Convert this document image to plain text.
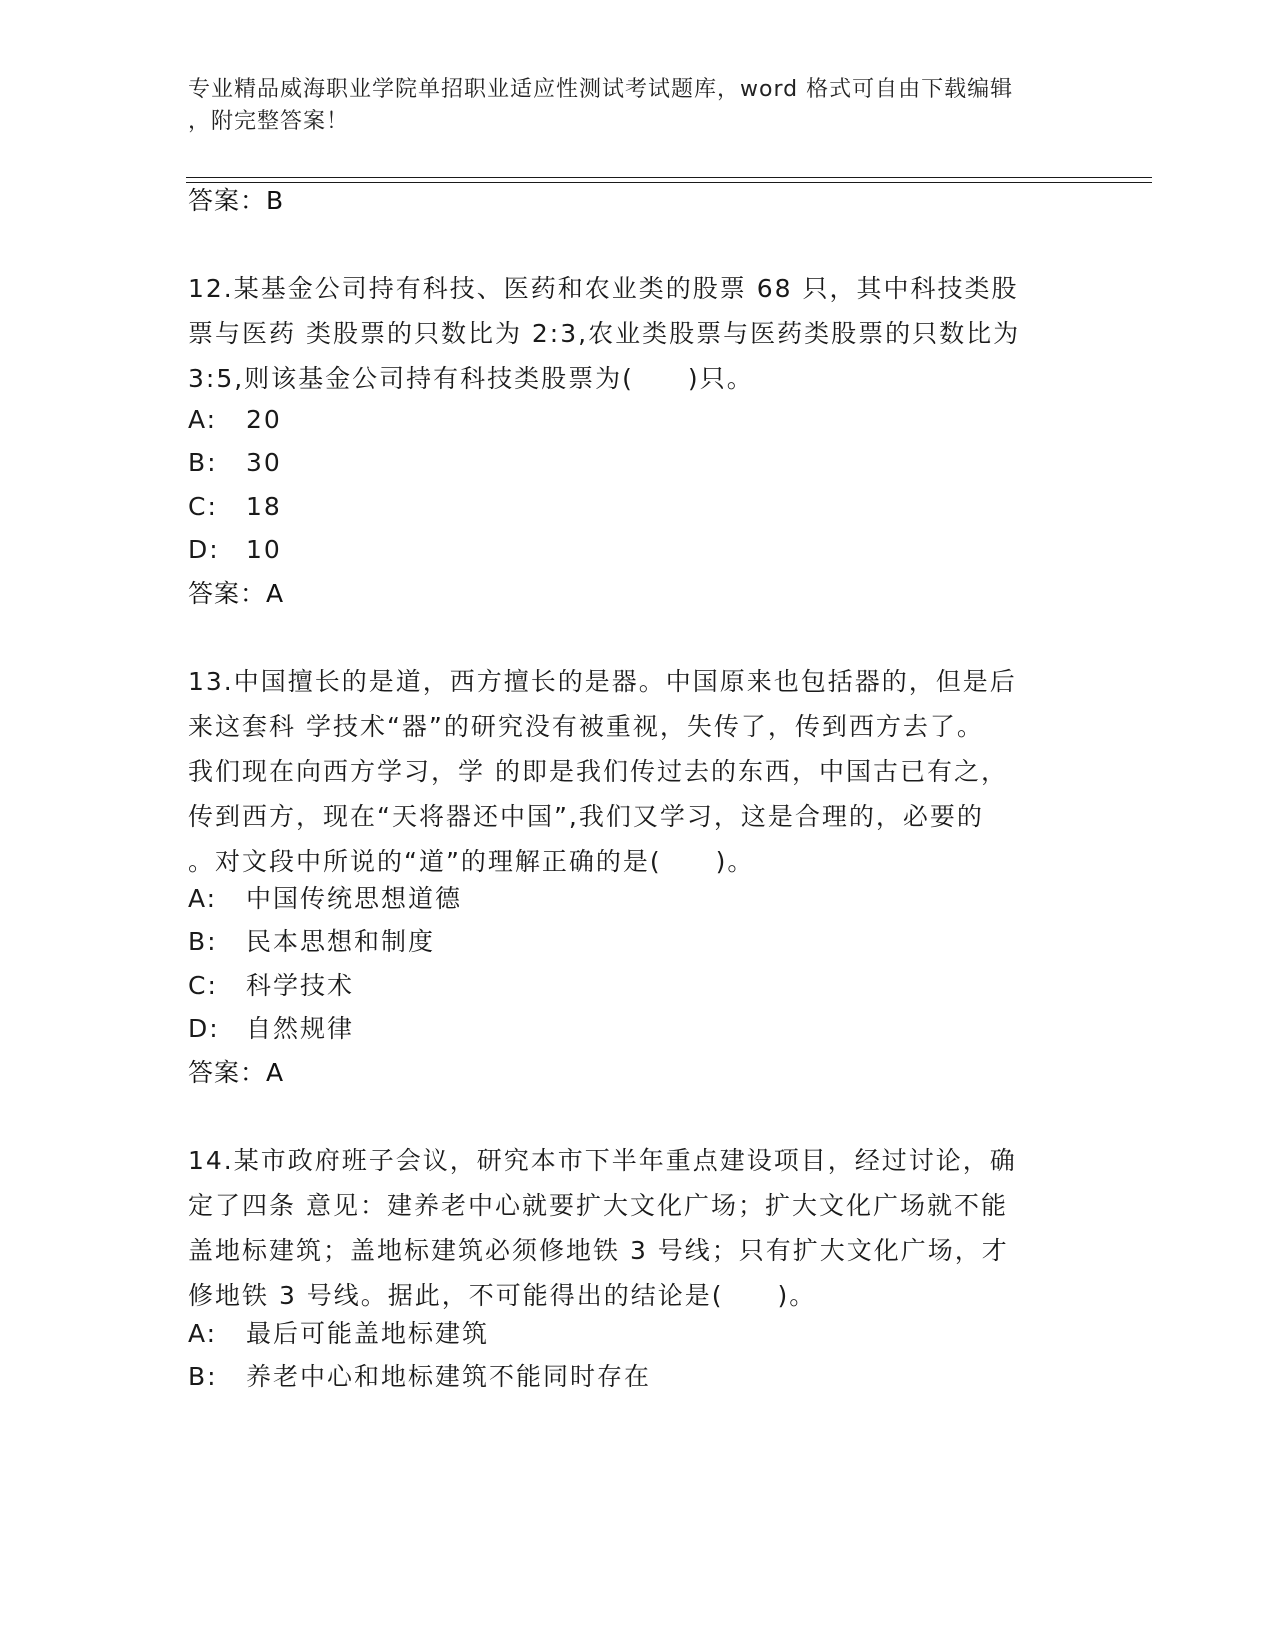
专业精品威海职业学院单招职业适应性测试考试题库，word 格式可自由下载编辑
，附完整答案！
答案：B
12.某基金公司持有科技、医药和农业类的股票 68 只，其中科技类股
票与医药 类股票的只数比为 2:3,农业类股票与医药类股票的只数比为
3:5,则该基金公司持有科技类股票为(　　)只。
A: 20
B: 30
C: 18
D: 10
答案：A
13.中国擅长的是道，西方擅长的是器。中国原来也包括器的，但是后
来这套科 学技术“器”的研究没有被重视，失传了，传到西方去了。
我们现在向西方学习，学 的即是我们传过去的东西，中国古已有之，
传到西方，现在“天将器还中国”,我们又学习，这是合理的，必要的
。对文段中所说的“道”的理解正确的是(　　)。
A: 中国传统思想道德
B: 民本思想和制度
C: 科学技术
D: 自然规律
答案：A
14.某市政府班子会议，研究本市下半年重点建设项目，经过讨论，确
定了四条 意见：建养老中心就要扩大文化广场；扩大文化广场就不能
盖地标建筑；盖地标建筑必须修地铁 3 号线；只有扩大文化广场，才
修地铁 3 号线。据此，不可能得出的结论是(　　)。
A: 最后可能盖地标建筑
B: 养老中心和地标建筑不能同时存在
